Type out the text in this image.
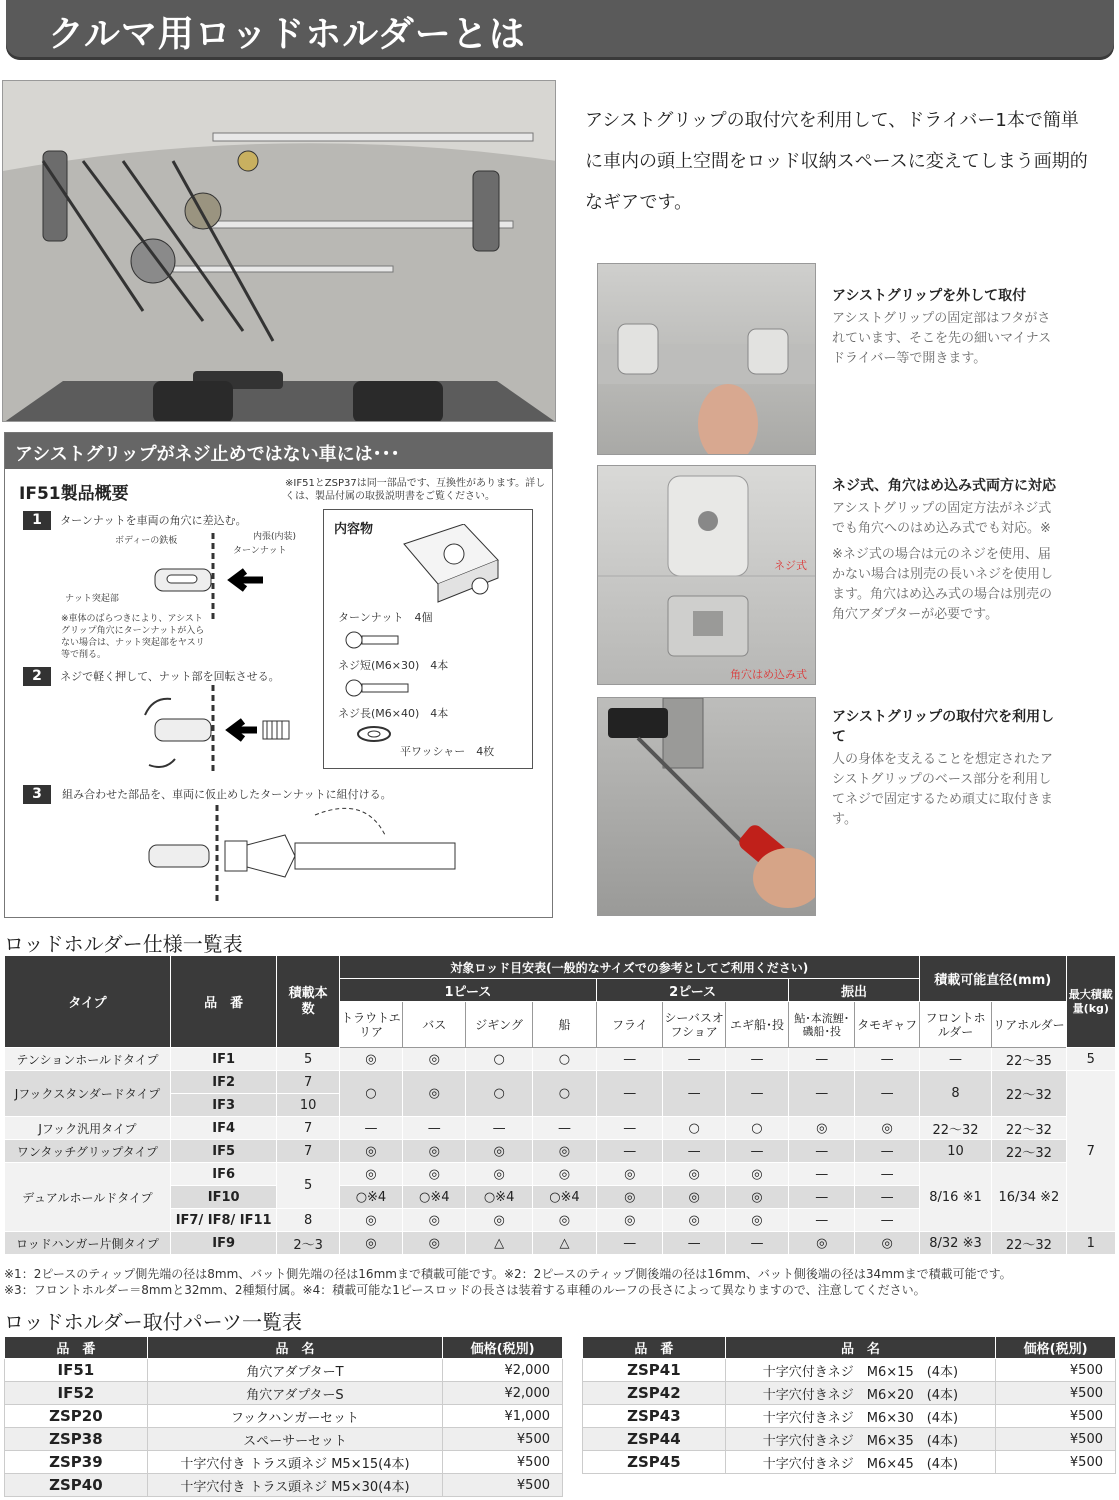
クルマ用ロッドホルダーとは
アシストグリップの取付穴を利用して、ドライバー1本で簡単に車内の頭上空間をロッド収納スペースに変えてしまう画期的なギアです。
ネジ式
角穴はめ込み式
アシストグリップを外して取付
アシストグリップの固定部はフタがされています、そこを先の細いマイナスドライバー等で開きます。
ネジ式、角穴はめ込み式両方に対応
アシストグリップの固定方法がネジ式でも角穴へのはめ込み式でも対応。※
※ネジ式の場合は元のネジを使用、届かない場合は別売の長いネジを使用します。角穴はめ込み式の場合は別売の角穴アダプターが必要です。
アシストグリップの取付穴を利用して
人の身体を支えることを想定されたアシストグリップのベース部分を利用してネジで固定するため頑丈に取付きます。
アシストグリップがネジ止めではない車には･･･
IF51製品概要
※IF51とZSP37は同一部品です、互換性があります。詳しくは、製品付属の取扱説明書をご覧ください。
1 ターンナットを車両の角穴に差込む。
ボディーの鉄板	内張(内装)
ターンナット
ナット突起部
※車体のばらつきにより、アシストグリップ角穴にターンナットが入らない場合は、ナット突起部をヤスリ等で削る。
2 ネジで軽く押して、ナット部を回転させる。
内容物
ターンナット　4個
ネジ短(M6×30)　4本
ネジ長(M6×40)　4本
平ワッシャー　4枚
3 組み合わせた部品を、車両に仮止めしたターンナットに組付ける。
ロッドホルダー仕様一覧表
タイプ	品　番	積載本数	対象ロッド目安表(一般的なサイズでの参考としてご利用ください)									積載可能直径(mm)		最大積載量(kg)
			1ピース				2ピース			振出				
			トラウトエリア	バス	ジギング	船	フライ	シーバスオフショア	エギ船･投	鮎･本流鯉･磯船･投	タモギャフ	フロントホルダー	リアホルダー	
テンションホールドタイプ	IF1	5	◎	◎	○	○	—	—	—	—	—	—	22～35	5
Jフックスタンダードタイプ	IF2	7	○	◎	○	○	—	—	—	—	—	8	22～32	7
	IF3	10												
Jフック汎用タイプ	IF4	7	—	—	—	—	—	○	○	◎	◎	22～32	22～32	
ワンタッチグリップタイプ	IF5	7	◎	◎	◎	◎	—	—	—	—	—	10	22～32	
デュアルホールドタイプ	IF6	5	◎	◎	◎	◎	◎	◎	◎	—	—	8/16 ※1	16/34 ※2	
	IF10		○※4	○※4	○※4	○※4	◎	◎	◎	—	—			
	IF7/ IF8/ IF11	8	◎	◎	◎	◎	◎	◎	◎	—	—			
ロッドハンガー片側タイプ	IF9	2～3	◎	◎	△	△	—	—	—	◎	◎	8/32 ※3	22～32	1
※1：2ピースのティップ側先端の径は8mm、バット側先端の径は16mmまで積載可能です。※2：2ピースのティップ側後端の径は16mm、バット側後端の径は34mmまで積載可能です。
※3：フロントホルダー＝8mmと32mm、2種類付属。※4：積載可能な1ピースロッドの長さは装着する車種のルーフの長さによって異なりますので、注意してください。
ロッドホルダー取付パーツ一覧表
品　番	品　名	価格(税別)
IF51	角穴アダプターT	¥2,000
IF52	角穴アダプターS	¥2,000
ZSP20	フックハンガーセット	¥1,000
ZSP38	スペーサーセット	¥500
ZSP39	十字穴付き トラス頭ネジ M5×15(4本)	¥500
ZSP40	十字穴付き トラス頭ネジ M5×30(4本)	¥500
品　番	品　名	価格(税別)
ZSP41	十字穴付きネジ　M6×15　(4本)	¥500
ZSP42	十字穴付きネジ　M6×20　(4本)	¥500
ZSP43	十字穴付きネジ　M6×30　(4本)	¥500
ZSP44	十字穴付きネジ　M6×35　(4本)	¥500
ZSP45	十字穴付きネジ　M6×45　(4本)	¥500
